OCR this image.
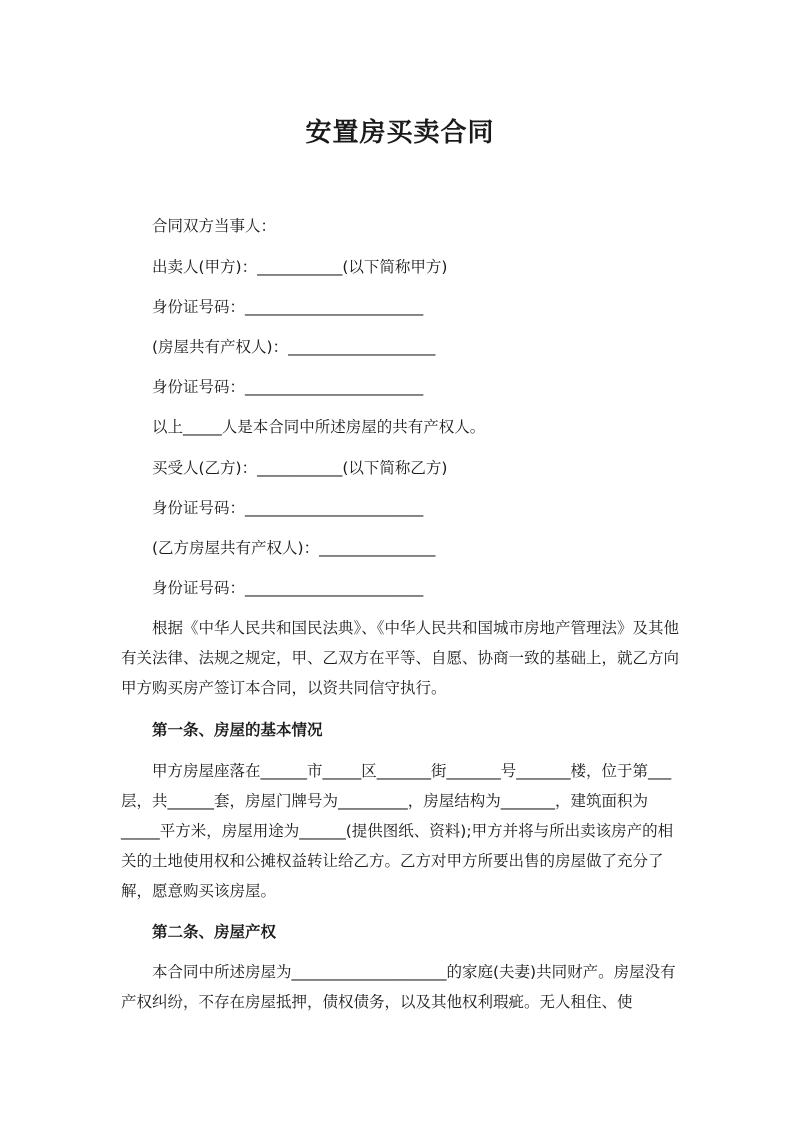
安置房买卖合同
合同双方当事人：
出卖人(甲方)：___________(以下简称甲方)
身份证号码：_______________________
(房屋共有产权人)：___________________
身份证号码：_______________________
以上_____人是本合同中所述房屋的共有产权人。
买受人(乙方)：___________(以下简称乙方)
身份证号码：_______________________
(乙方房屋共有产权人)：_______________
身份证号码：_______________________
根据《中华人民共和国民法典》、《中华人民共和国城市房地产管理法》及其他有关法律、法规之规定，甲、乙双方在平等、自愿、协商一致的基础上，就乙方向甲方购买房产签订本合同，以资共同信守执行。
第一条、房屋的基本情况
甲方房屋座落在______市_____区_______街_______号_______楼，位于第___层，共______套，房屋门牌号为_________，房屋结构为_______，建筑面积为_____平方米，房屋用途为______(提供图纸、资料);甲方并将与所出卖该房产的相关的土地使用权和公摊权益转让给乙方。乙方对甲方所要出售的房屋做了充分了解，愿意购买该房屋。
第二条、房屋产权
本合同中所述房屋为____________________的家庭(夫妻)共同财产。房屋没有产权纠纷，不存在房屋抵押，债权债务，以及其他权利瑕疵。无人租住、使
